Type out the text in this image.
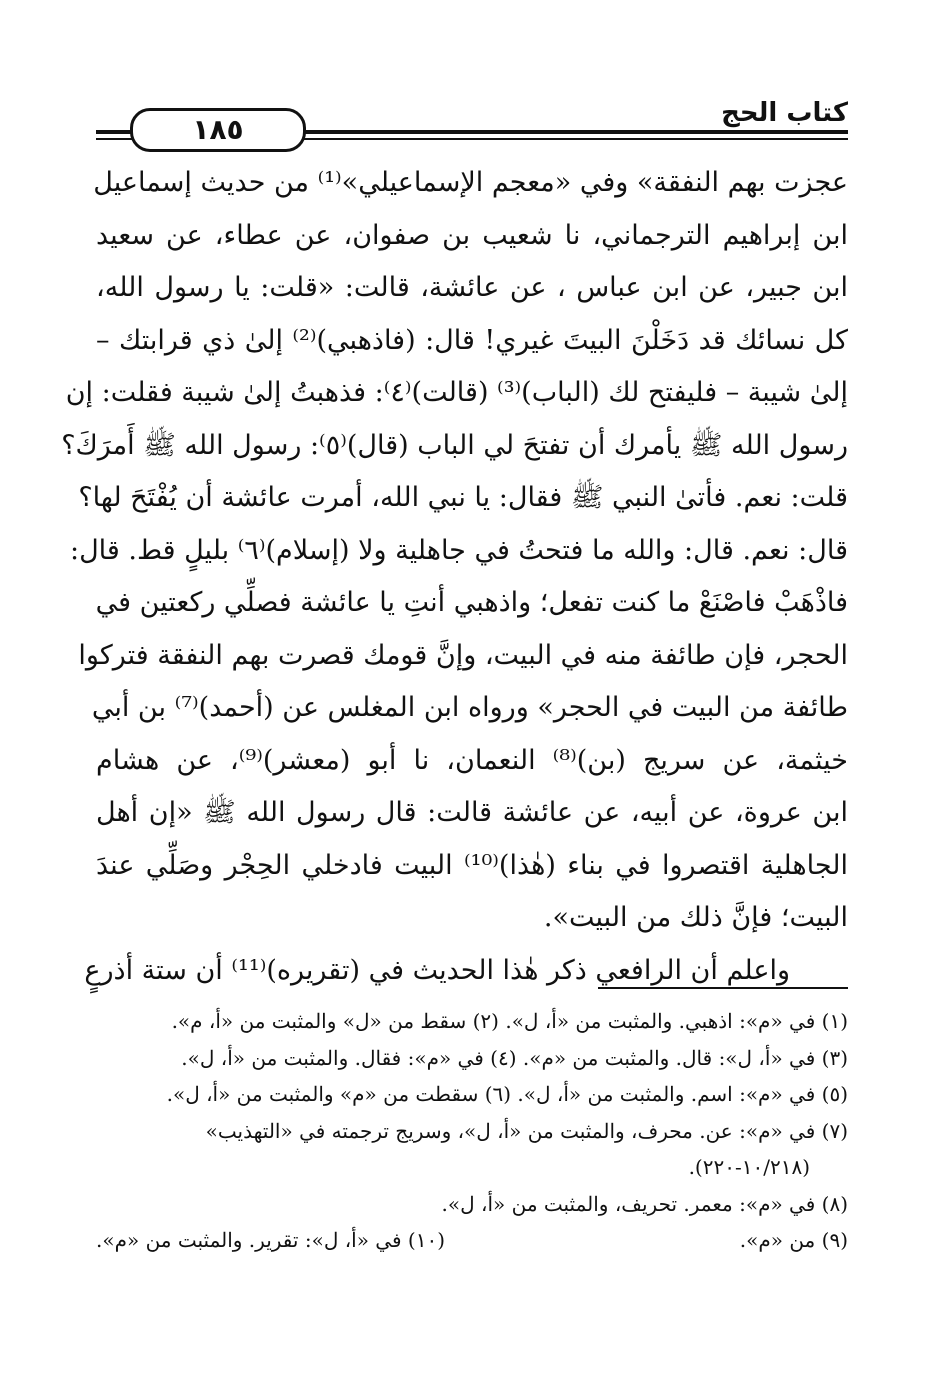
كتاب الحج
١٨٥
عجزت بهم النفقة» وفي «معجم الإسماعيلي»⁽¹⁾ من حديث إسماعيل
ابن إبراهيم الترجماني، نا شعيب بن صفوان، عن عطاء، عن سعيد
ابن جبير، عن ابن عباس ، عن عائشة، قالت: «قلت: يا رسول الله،
كل نسائك قد دَخَلْنَ البيتَ غيري! قال: (فاذهبي)⁽²⁾ إلىٰ ذي قرابتك –
إلىٰ شيبة – فليفتح لك (الباب)⁽³⁾ (قالت)⁽٤⁾: فذهبتُ إلىٰ شيبة فقلت: إن
رسول الله ﷺ يأمرك أن تفتحَ لي الباب (قال)⁽٥⁾: رسول الله ﷺ أَمرَكَ؟
قلت: نعم. فأتىٰ النبي ﷺ فقال: يا نبي الله، أمرت عائشة أن يُفْتَحَ لها؟
قال: نعم. قال: والله ما فتحتُ في جاهلية ولا (إسلام)⁽٦⁾ بليلٍ قط. قال:
فاذْهَبْ فاصْنَعْ ما كنت تفعل؛ واذهبي أنتِ يا عائشة فصلِّي ركعتين في
الحجر، فإن طائفة منه في البيت، وإنَّ قومك قصرت بهم النفقة فتركوا
طائفة من البيت في الحجر» ورواه ابن المغلس عن (أحمد)⁽⁷⁾ بن أبي
خيثمة، عن سريج (بن)⁽⁸⁾ النعمان، نا أبو (معشر)⁽⁹⁾، عن هشام
ابن عروة، عن أبيه، عن عائشة قالت: قال رسول الله ﷺ «إن أهل
الجاهلية اقتصروا في بناء (هٰذا)⁽¹⁰⁾ البيت فادخلي الحِجْر وصَلِّي عندَ
البيت؛ فإنَّ ذلك من البيت».
واعلم أن الرافعي ذكر هٰذا الحديث في (تقريره)⁽¹¹⁾ أن ستة أذرعٍ
(١) في «م»: اذهبي. والمثبت من «أ، ل». (٢) سقط من «ل» والمثبت من «أ، م».
(٣) في «أ، ل»: قال. والمثبت من «م». (٤) في «م»: فقال. والمثبت من «أ، ل».
(٥) في «م»: اسم. والمثبت من «أ، ل». (٦) سقطت من «م» والمثبت من «أ، ل».
(٧) في «م»: عن. محرف، والمثبت من «أ، ل»، وسريج ترجمته في «التهذيب»
(١٠/٢١٨-٢٢٠).
(٨) في «م»: معمر. تحريف، والمثبت من «أ، ل».
(٩) من «م».
(١٠) في «أ، ل»: تقرير. والمثبت من «م».
